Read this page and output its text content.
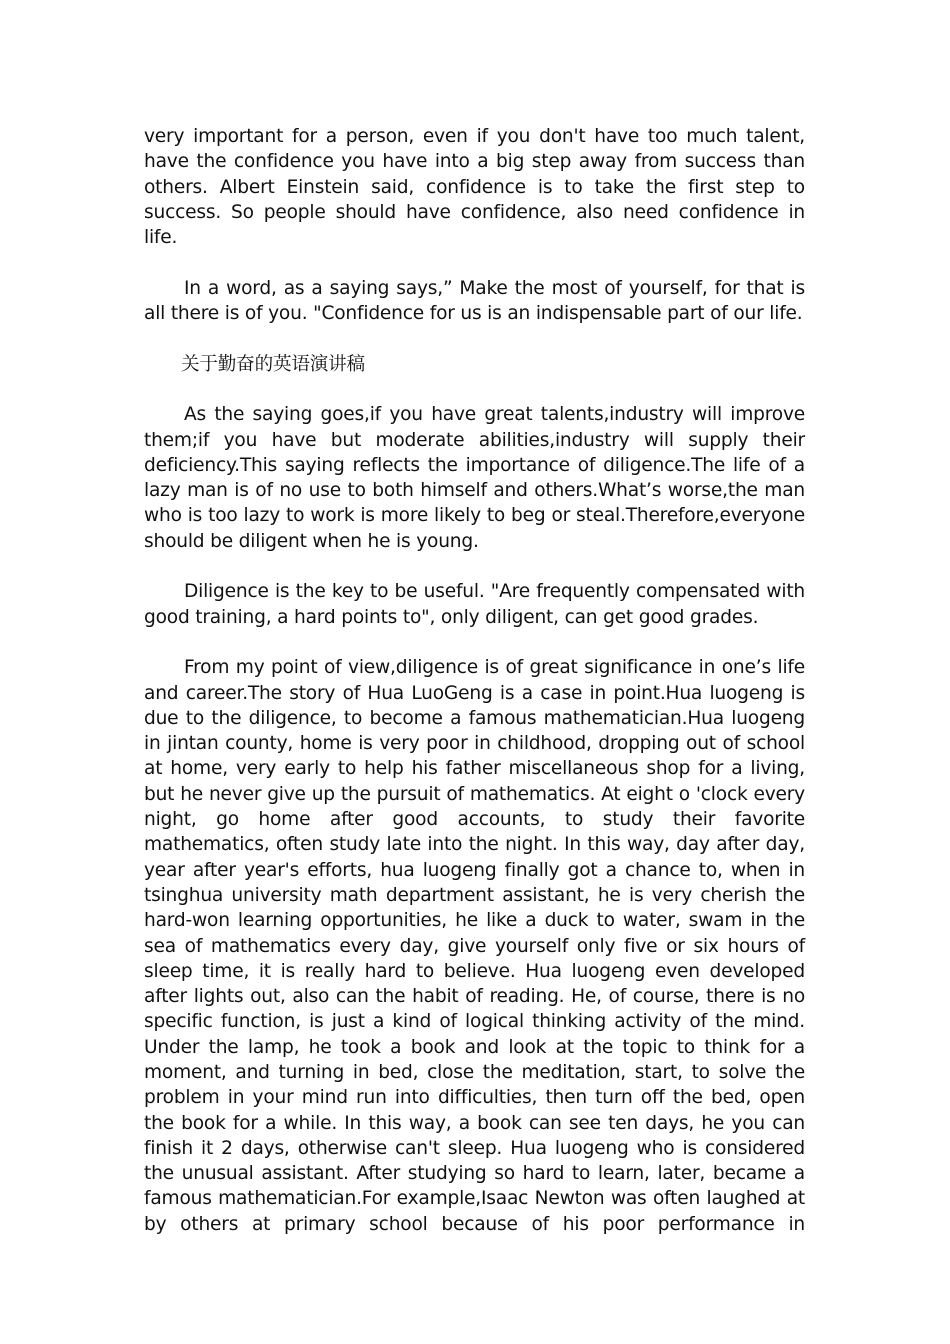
very important for a person, even if you don't have too much talent, have the confidence you have into a big step away from success than others. Albert Einstein said, confidence is to take the first step to success. So people should have confidence, also need confidence in life.

In a word, as a saying says,” Make the most of yourself, for that is all there is of you. "Confidence for us is an indispensable part of our life.

关于勤奋的英语演讲稿

As the saying goes,if you have great talents,industry will improve them;if you have but moderate abilities,industry will supply their deficiency.This saying reflects the importance of diligence.The life of a lazy man is of no use to both himself and others.What’s worse,the man who is too lazy to work is more likely to beg or steal.Therefore,everyone should be diligent when he is young.

Diligence is the key to be useful. "Are frequently compensated with good training, a hard points to", only diligent, can get good grades.

From my point of view,diligence is of great significance in one’s life and career.The story of Hua LuoGeng is a case in point.Hua luogeng is due to the diligence, to become a famous mathematician.Hua luogeng in jintan county, home is very poor in childhood, dropping out of school at home, very early to help his father miscellaneous shop for a living, but he never give up the pursuit of mathematics. At eight o 'clock every night, go home after good accounts, to study their favorite mathematics, often study late into the night. In this way, day after day, year after year's efforts, hua luogeng finally got a chance to, when in tsinghua university math department assistant, he is very cherish the hard-won learning opportunities, he like a duck to water, swam in the sea of mathematics every day, give yourself only five or six hours of sleep time, it is really hard to believe. Hua luogeng even developed after lights out, also can the habit of reading. He, of course, there is no specific function, is just a kind of logical thinking activity of the mind. Under the lamp, he took a book and look at the topic to think for a moment, and turning in bed, close the meditation, start, to solve the problem in your mind run into difficulties, then turn off the bed, open the book for a while. In this way, a book can see ten days, he you can finish it 2 days, otherwise can't sleep. Hua luogeng who is considered the unusual assistant. After studying so hard to learn, later, became a famous mathematician.For example,Isaac Newton was often laughed at by others at primary school because of his poor performance in
